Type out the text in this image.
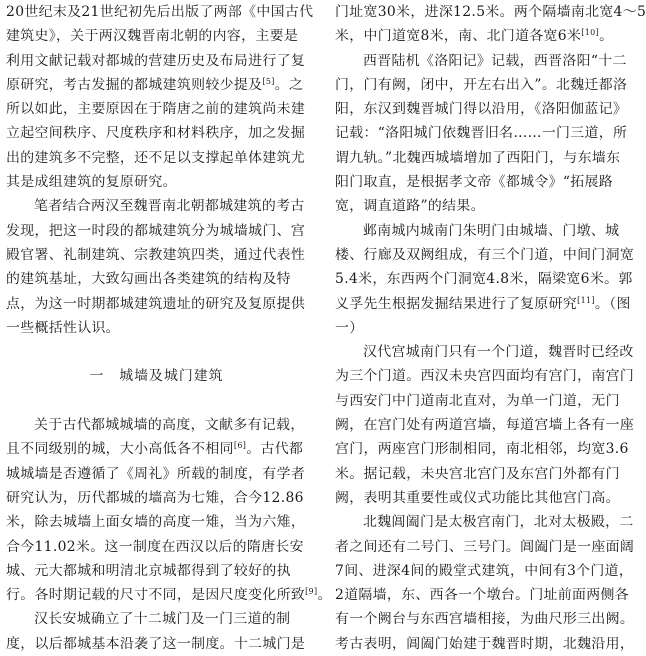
20世纪末及21世纪初先后出版了两部《中国古代
建筑史》，关于两汉魏晋南北朝的内容，主要是
利用文献记载对都城的营建历史及布局进行了复
原研究，考古发掘的都城建筑则较少提及[5]。之
所以如此，主要原因在于隋唐之前的建筑尚未建
立起空间秩序、尺度秩序和材料秩序，加之发掘
出的建筑多不完整，还不足以支撑起单体建筑尤
其是成组建筑的复原研究。
笔者结合两汉至魏晋南北朝都城建筑的考古
发现，把这一时段的都城建筑分为城墙城门、宫
殿官署、礼制建筑、宗教建筑四类，通过代表性
的建筑基址，大致勾画出各类建筑的结构及特
点，为这一时期都城建筑遗址的研究及复原提供
一些概括性认识。
一　城墙及城门建筑
关于古代都城城墙的高度，文献多有记载，
且不同级别的城，大小高低各不相同[6]。古代都
城城墙是否遵循了《周礼》所载的制度，有学者
研究认为，历代都城的墙高为七雉，合今12.86
米，除去城墙上面女墙的高度一雉，当为六雉，
合今11.02米。这一制度在西汉以后的隋唐长安
城、元大都城和明清北京城都得到了较好的执
行。各时期记载的尺寸不同，是因尺度变化所致[9]。
汉长安城确立了十二城门及一门三道的制
度，以后都城基本沿袭了这一制度。十二城门是
门址宽30米，进深12.5米。两个隔墙南北宽4～5
米，中门道宽8米，南、北门道各宽6米[10]。
西晋陆机《洛阳记》记载，西晋洛阳“十二
门，门有阙，闭中，开左右出入”。北魏迁都洛
阳，东汉到魏晋城门得以沿用，《洛阳伽蓝记》
记载：“洛阳城门依魏晋旧名……一门三道，所
谓九轨。”北魏西城墙增加了西阳门，与东墙东
阳门取直，是根据孝文帝《都城令》“拓展路
宽，调直道路”的结果。
邺南城内城南门朱明门由城墙、门墩、城
楼、行廊及双阙组成，有三个门道，中间门洞宽
5.4米，东西两个门洞宽4.8米，隔梁宽6米。郭
义孚先生根据发掘结果进行了复原研究[11]。（图
一）
汉代宫城南门只有一个门道，魏晋时已经改
为三个门道。西汉未央宫四面均有宫门，南宫门
与西安门中门道南北直对，为单一门道，无门
阙，在宫门处有两道宫墙，每道宫墙上各有一座
宫门，两座宫门形制相同，南北相邻，均宽3.6
米。据记载，未央宫北宫门及东宫门外都有门
阙，表明其重要性或仪式功能比其他宫门高。
北魏阊阖门是太极宫南门，北对太极殿，二
者之间还有二号门、三号门。阊阖门是一座面阔
7间、进深4间的殿堂式建筑，中间有3个门道，
2道隔墙，东、西各一个墩台。门址前面两侧各
有一个阙台与东西宫墙相接，为曲尺形三出阙。
考古表明，阊阖门始建于魏晋时期，北魏沿用，
